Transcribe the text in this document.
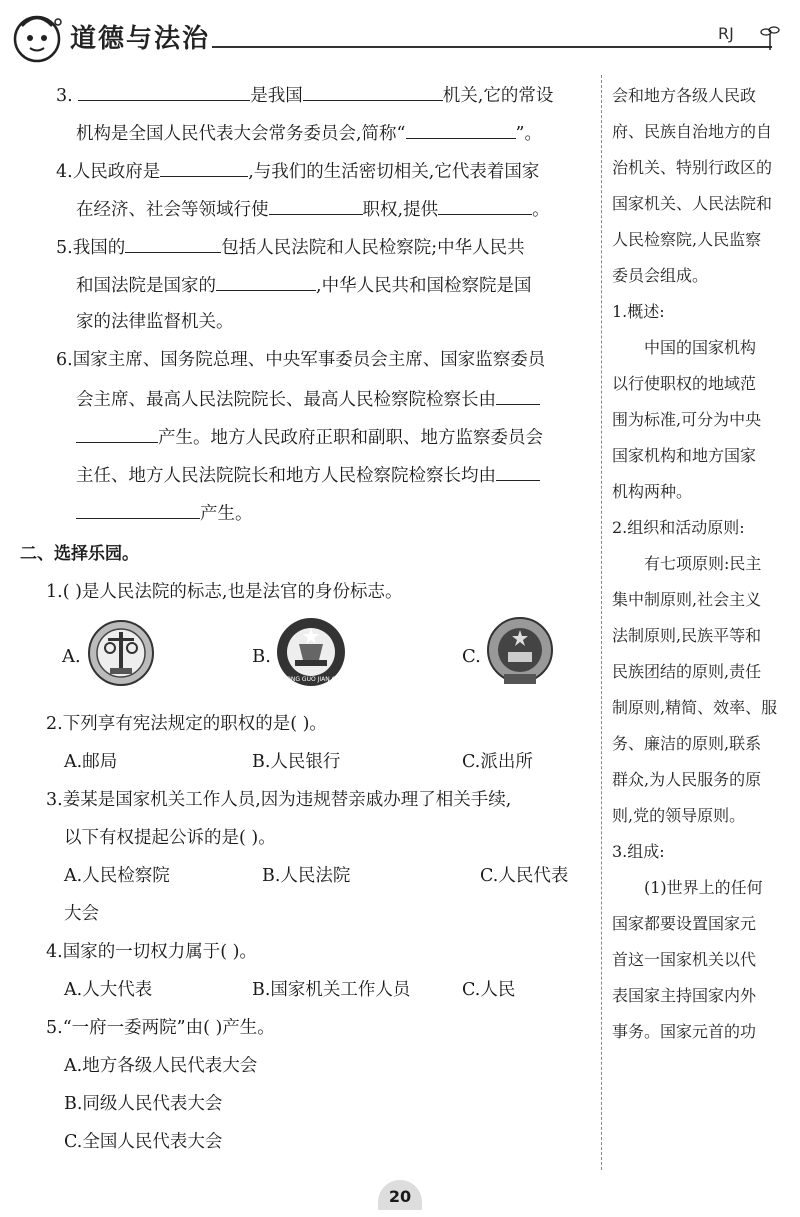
道德与法治	RJ
3.	是我国	机关,它的常设
机构是全国人民代表大会常务委员会,简称“	”。
4.人民政府是	,与我们的生活密切相关,它代表着国家
在经济、社会等领域行使	职权,提供	。
5.我国的	包括人民法院和人民检察院;中华人民共
和国法院是国家的	,中华人民共和国检察院是国
家的法律监督机关。
6.国家主席、国务院总理、中央军事委员会主席、国家监察委员
会主席、最高人民法院院长、最高人民检察院检察长由
产生。地方人民政府正职和副职、地方监察委员会
主任、地方人民法院院长和地方人民检察院检察长均由
产生。
二、选择乐园。
1.( )是人民法院的标志,也是法官的身份标志。
A.	B.
ZHONG GUO JIAN CHA
C.
2.下列享有宪法规定的职权的是( )。
A.邮局	B.人民银行	C.派出所
3.姜某是国家机关工作人员,因为违规替亲戚办理了相关手续,
以下有权提起公诉的是( )。
A.人民检察院	B.人民法院	C.人民代表
大会
4.国家的一切权力属于( )。
A.人大代表	B.国家机关工作人员	C.人民
5.“一府一委两院”由( )产生。
A.地方各级人民代表大会
B.同级人民代表大会
C.全国人民代表大会
会和地方各级人民政
府、民族自治地方的自
治机关、特别行政区的
国家机关、人民法院和
人民检察院,人民监察
委员会组成。
1.概述:
中国的国家机构
以行使职权的地域范
围为标准,可分为中央
国家机构和地方国家
机构两种。
2.组织和活动原则:
有七项原则:民主
集中制原则,社会主义
法制原则,民族平等和
民族团结的原则,责任
制原则,精简、效率、服
务、廉洁的原则,联系
群众,为人民服务的原
则,党的领导原则。
3.组成:
(1)世界上的任何
国家都要设置国家元
首这一国家机关以代
表国家主持国家内外
事务。国家元首的功
20
